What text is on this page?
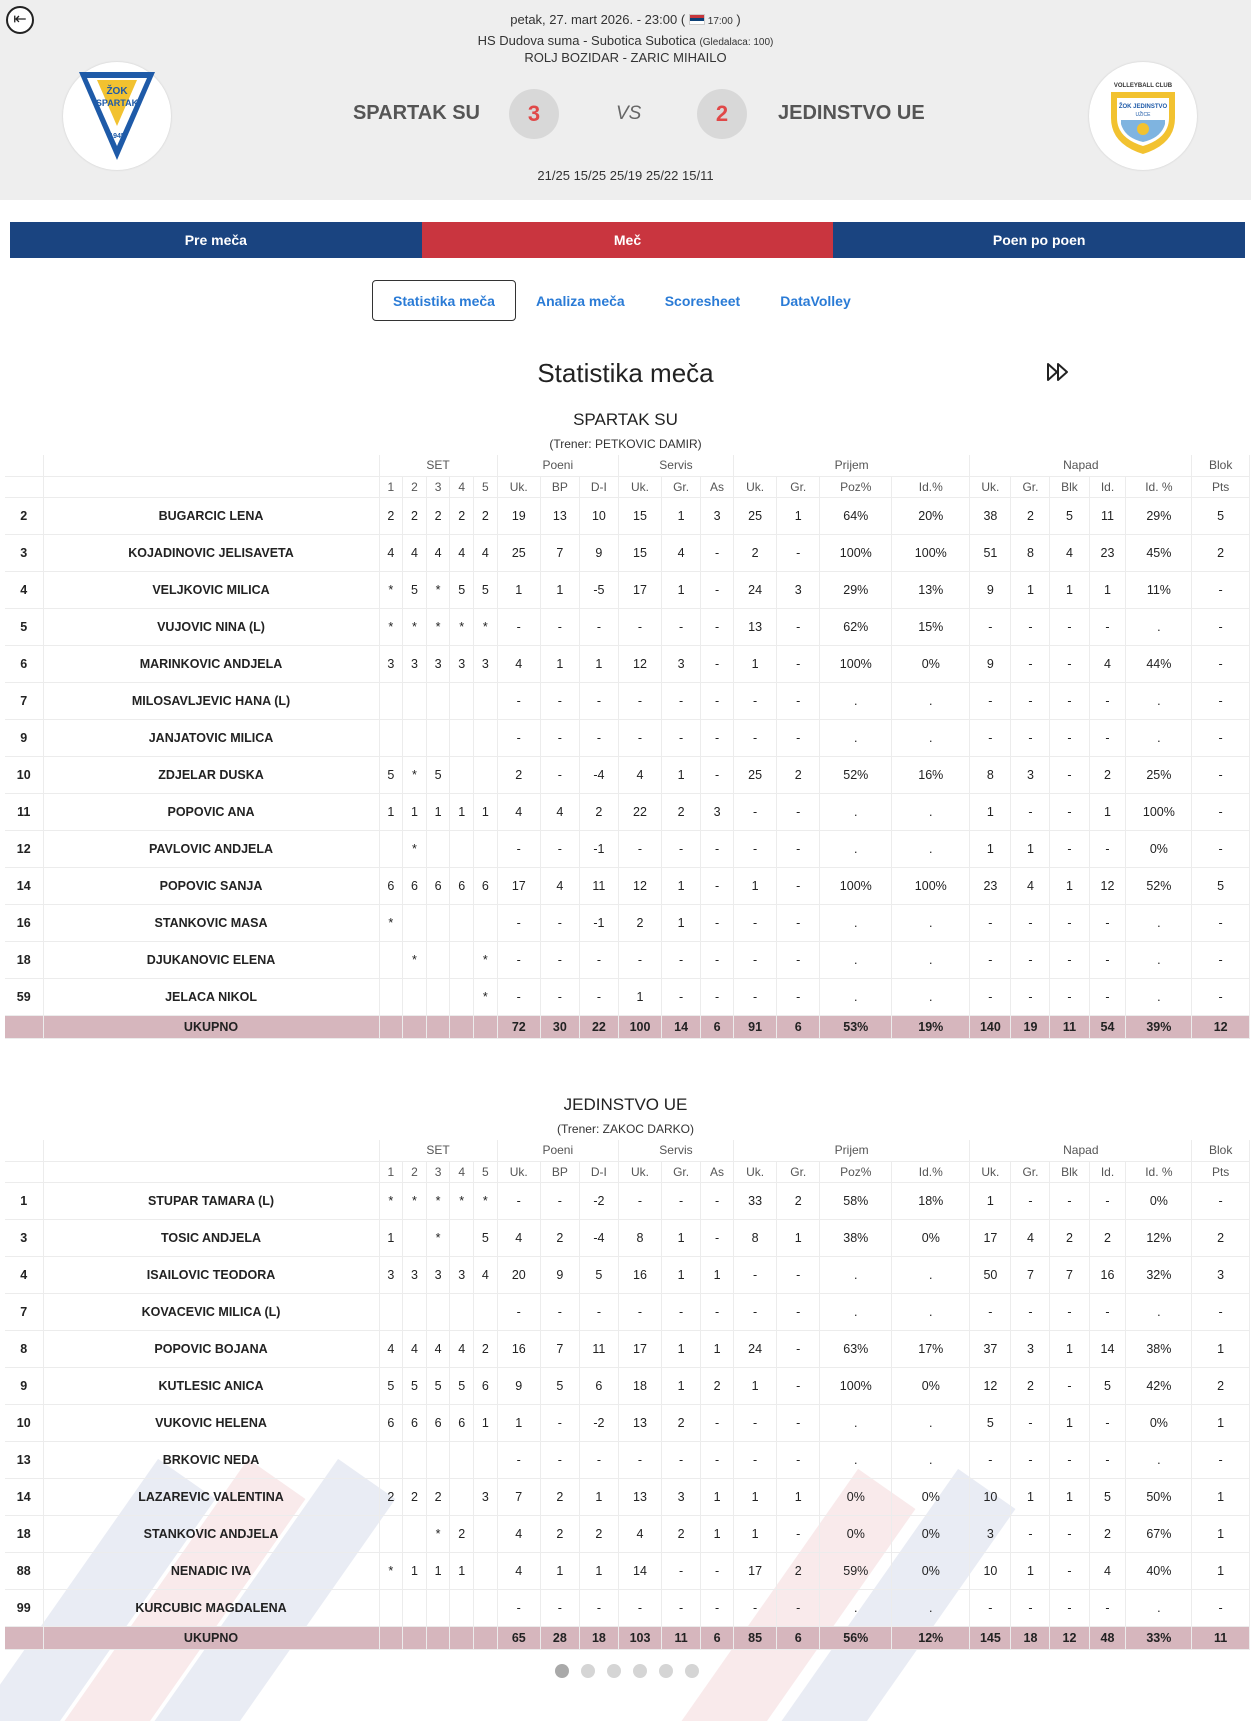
⇤	petak, 27. mart 2026. - 23:00 ( 17:00 )
HS Dudova suma - Subotica Subotica (Gledalaca: 100)
ROLJ BOZIDAR - ZARIC MIHAILO
ŽOK
SPARTAK
1945
SPARTAK SU	3	VS	2	JEDINSTVO UE
VOLLEYBALL CLUB
ŽOK JEDINSTVO
UŽICE
21/25 15/25 25/19 25/22 15/11
Pre meča	Meč	Poen po poen
Statistika meča	Analiza meča	Scoresheet	DataVolley
Statistika meča
SPARTAK SU
(Trener: PETKOVIC DAMIR)
		SET					Poeni			Servis			Prijem				Napad					Blok
		1	2	3	4	5	Uk.	BP	D-I	Uk.	Gr.	As	Uk.	Gr.	Poz%	Id.%	Uk.	Gr.	Blk	Id.	Id. %	Pts
2	BUGARCIC LENA	2	2	2	2	2	19	13	10	15	1	3	25	1	64%	20%	38	2	5	11	29%	5
3	KOJADINOVIC JELISAVETA	4	4	4	4	4	25	7	9	15	4	-	2	-	100%	100%	51	8	4	23	45%	2
4	VELJKOVIC MILICA	*	5	*	5	5	1	1	-5	17	1	-	24	3	29%	13%	9	1	1	1	11%	-
5	VUJOVIC NINA (L)	*	*	*	*	*	-	-	-	-	-	-	13	-	62%	15%	-	-	-	-	.	-
6	MARINKOVIC ANDJELA	3	3	3	3	3	4	1	1	12	3	-	1	-	100%	0%	9	-	-	4	44%	-
7	MILOSAVLJEVIC HANA (L)						-	-	-	-	-	-	-	-	.	.	-	-	-	-	.	-
9	JANJATOVIC MILICA						-	-	-	-	-	-	-	-	.	.	-	-	-	-	.	-
10	ZDJELAR DUSKA	5	*	5			2	-	-4	4	1	-	25	2	52%	16%	8	3	-	2	25%	-
11	POPOVIC ANA	1	1	1	1	1	4	4	2	22	2	3	-	-	.	.	1	-	-	1	100%	-
12	PAVLOVIC ANDJELA		*				-	-	-1	-	-	-	-	-	.	.	1	1	-	-	0%	-
14	POPOVIC SANJA	6	6	6	6	6	17	4	11	12	1	-	1	-	100%	100%	23	4	1	12	52%	5
16	STANKOVIC MASA	*					-	-	-1	2	1	-	-	-	.	.	-	-	-	-	.	-
18	DJUKANOVIC ELENA		*			*	-	-	-	-	-	-	-	-	.	.	-	-	-	-	.	-
59	JELACA NIKOL					*	-	-	-	1	-	-	-	-	.	.	-	-	-	-	.	-
	UKUPNO						72	30	22	100	14	6	91	6	53%	19%	140	19	11	54	39%	12
JEDINSTVO UE
(Trener: ZAKOC DARKO)
		SET					Poeni			Servis			Prijem				Napad					Blok
		1	2	3	4	5	Uk.	BP	D-I	Uk.	Gr.	As	Uk.	Gr.	Poz%	Id.%	Uk.	Gr.	Blk	Id.	Id. %	Pts
1	STUPAR TAMARA (L)	*	*	*	*	*	-	-	-2	-	-	-	33	2	58%	18%	1	-	-	-	0%	-
3	TOSIC ANDJELA	1		*		5	4	2	-4	8	1	-	8	1	38%	0%	17	4	2	2	12%	2
4	ISAILOVIC TEODORA	3	3	3	3	4	20	9	5	16	1	1	-	-	.	.	50	7	7	16	32%	3
7	KOVACEVIC MILICA (L)						-	-	-	-	-	-	-	-	.	.	-	-	-	-	.	-
8	POPOVIC BOJANA	4	4	4	4	2	16	7	11	17	1	1	24	-	63%	17%	37	3	1	14	38%	1
9	KUTLESIC ANICA	5	5	5	5	6	9	5	6	18	1	2	1	-	100%	0%	12	2	-	5	42%	2
10	VUKOVIC HELENA	6	6	6	6	1	1	-	-2	13	2	-	-	-	.	.	5	-	1	-	0%	1
13	BRKOVIC NEDA						-	-	-	-	-	-	-	-	.	.	-	-	-	-	.	-
14	LAZAREVIC VALENTINA	2	2	2		3	7	2	1	13	3	1	1	1	0%	0%	10	1	1	5	50%	1
18	STANKOVIC ANDJELA			*	2		4	2	2	4	2	1	1	-	0%	0%	3	-	-	2	67%	1
88	NENADIC IVA	*	1	1	1		4	1	1	14	-	-	17	2	59%	0%	10	1	-	4	40%	1
99	KURCUBIC MAGDALENA						-	-	-	-	-	-	-	-	.	.	-	-	-	-	.	-
	UKUPNO						65	28	18	103	11	6	85	6	56%	12%	145	18	12	48	33%	11
